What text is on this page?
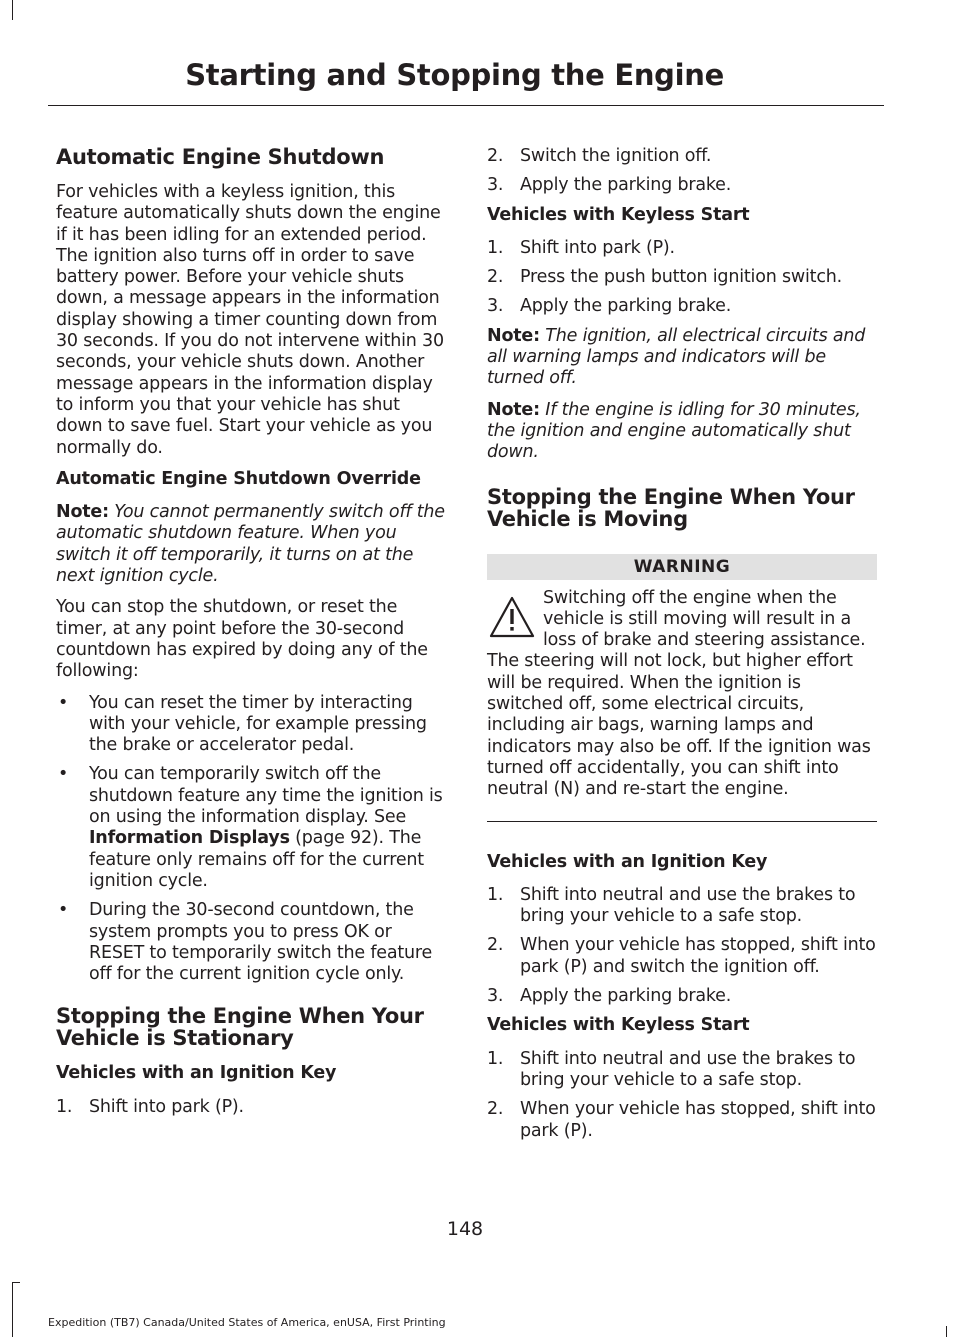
Starting and Stopping the Engine
Automatic Engine Shutdown

For vehicles with a keyless ignition, this feature automatically shuts down the engine if it has been idling for an extended period. The ignition also turns off in order to save battery power. Before your vehicle shuts down, a message appears in the information display showing a timer counting down from 30 seconds. If you do not intervene within 30 seconds, your vehicle shuts down. Another message appears in the information display to inform you that your vehicle has shut down to save fuel. Start your vehicle as you normally do.

Automatic Engine Shutdown Override

Note: You cannot permanently switch off the automatic shutdown feature. When you switch it off temporarily, it turns on at the next ignition cycle.

You can stop the shutdown, or reset the timer, at any point before the 30-second countdown has expired by doing any of the following:

• You can reset the timer by interacting with your vehicle, for example pressing the brake or accelerator pedal.
• You can temporarily switch off the shutdown feature any time the ignition is on using the information display. See Information Displays (page 92). The feature only remains off for the current ignition cycle.
• During the 30-second countdown, the system prompts you to press OK or RESET to temporarily switch the feature off for the current ignition cycle only.
Stopping the Engine When Your Vehicle is Stationary
Vehicles with an Ignition Key
1. Shift into park (P).
2. Switch the ignition off.
3. Apply the parking brake.
Vehicles with Keyless Start
1. Shift into park (P).
2. Press the push button ignition switch.
3. Apply the parking brake.

Note: The ignition, all electrical circuits and all warning lamps and indicators will be turned off.

Note: If the engine is idling for 30 minutes, the ignition and engine automatically shut down.

Stopping the Engine When Your Vehicle is Moving
WARNING

Switching off the engine when the vehicle is still moving will result in a loss of brake and steering assistance. The steering will not lock, but higher effort will be required. When the ignition is switched off, some electrical circuits, including air bags, warning lamps and indicators may also be off. If the ignition was turned off accidentally, you can shift into neutral (N) and re-start the engine.

Vehicles with an Ignition Key
1. Shift into neutral and use the brakes to bring your vehicle to a safe stop.
2. When your vehicle has stopped, shift into park (P) and switch the ignition off.
3. Apply the parking brake.
Vehicles with Keyless Start
1. Shift into neutral and use the brakes to bring your vehicle to a safe stop.
2. When your vehicle has stopped, shift into park (P).
148
Expedition (TB7) Canada/United States of America, enUSA, First Printing
